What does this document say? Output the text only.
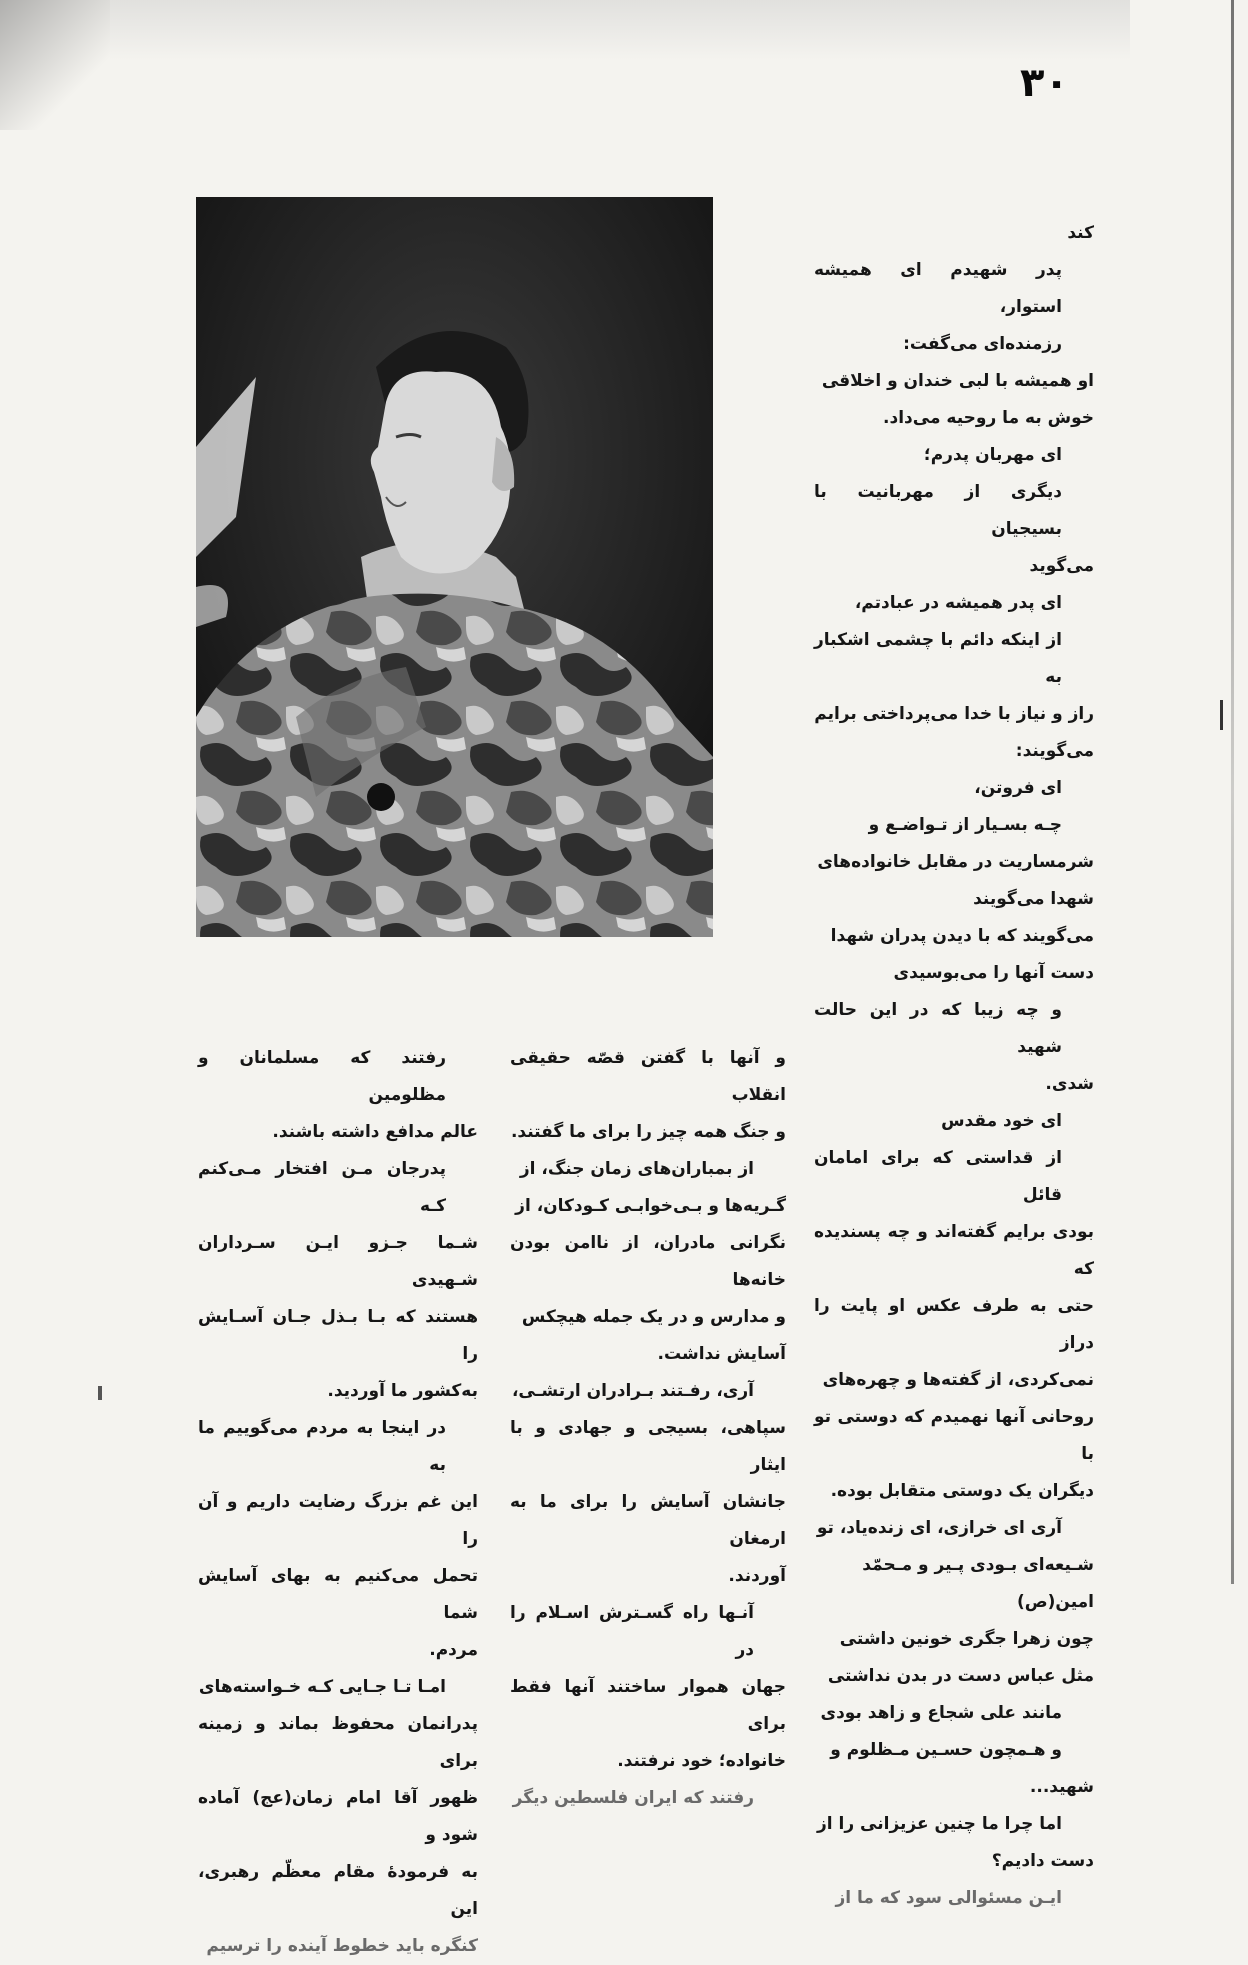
۳۰

کند

پدر شهیدم ای همیشه استوار،

رزمنده‌ای می‌گفت:

او همیشه با لبی خندان و اخلاقی

خوش به ما روحیه می‌داد.

ای مهربان پدرم؛

دیگری از مهربانیت با بسیجیان

می‌گوید

ای پدر همیشه در عبادتم،

از اینکه دائم با چشمی اشکبار به

راز و نیاز با خدا می‌پرداختی برایم

می‌گویند:

ای فروتن،

چـه بسـیار از تـواضـع و

شرمساریت در مقابل خانواده‌های

شهدا می‌گویند

می‌گویند که با دیدن پدران شهدا

دست آنها را می‌بوسیدی

و چه زیبا که در این حالت شهید

شدی.

ای خود مقدس

از قداستی که برای امامان قائل

بودی برایم گفته‌اند و چه پسندیده که

حتی به طرف عکس او پایت را دراز

نمی‌کردی، از گفته‌ها و چهره‌های

روحانی آنها نهمیدم که دوستی تو با

دیگران یک دوستی متقابل بوده.

آری ای خرازی، ای زنده‌یاد، تو

شـیعه‌ای بـودی پـیر و مـحمّد

امین(ص)

چون زهرا جگری خونین داشتی

مثل عباس دست در بدن نداشتی

مانند علی شجاع و زاهد بودی

و هـمچون حسـین مـظلوم و

شهید...

اما چرا ما چنین عزیزانی را از

دست دادیم؟

ایـن مسئوالی سود که ما از

و آنها با گفتن قصّه حقیقی انقلاب

و جنگ همه چیز را برای ما گفتند.

از بمباران‌های زمان جنگ، از

گـریه‌ها و بـی‌خوابـی کـودکان، از

نگرانی مادران، از ناامن بودن خانه‌ها

و مدارس و در یک جمله هیچکس

آسایش نداشت.

آری، رفـتند بـرادران ارتشـی،

سپاهی، بسیجی و جهادی و با ایثار

جانشان آسایش را برای ما به ارمغان

آوردند.

آنـها راه گسـترش اسـلام را در

جهان هموار ساختند آنها فقط برای

خانواده‌؛ خود نرفتند.

رفتند که ایران فلسطین دیگر

رفتند که مسلمانان و مظلومین

عالم مدافع داشته باشند.

پدرجان مـن افتخار مـی‌کنم کـه

شـما جـزو ایـن سـرداران شـهیدی

هستند که بـا بـذل جـان آسـایش را

به‌کشور ما آوردید.

در اینجا به مردم می‌گوییم ما به

این غم بزرگ رضایت داریم و آن را

تحمل می‌کنیم به بهای آسایش شما

مردم.

امـا تـا جـایی کـه خـواسته‌های

پدرانمان محفوظ بماند و زمینه برای

ظهور آقا امام زمان(عج) آماده شود و

به فرمودهٔ مقام معظّم رهبری، این

کنگره باید خطوط آینده را ترسیم
